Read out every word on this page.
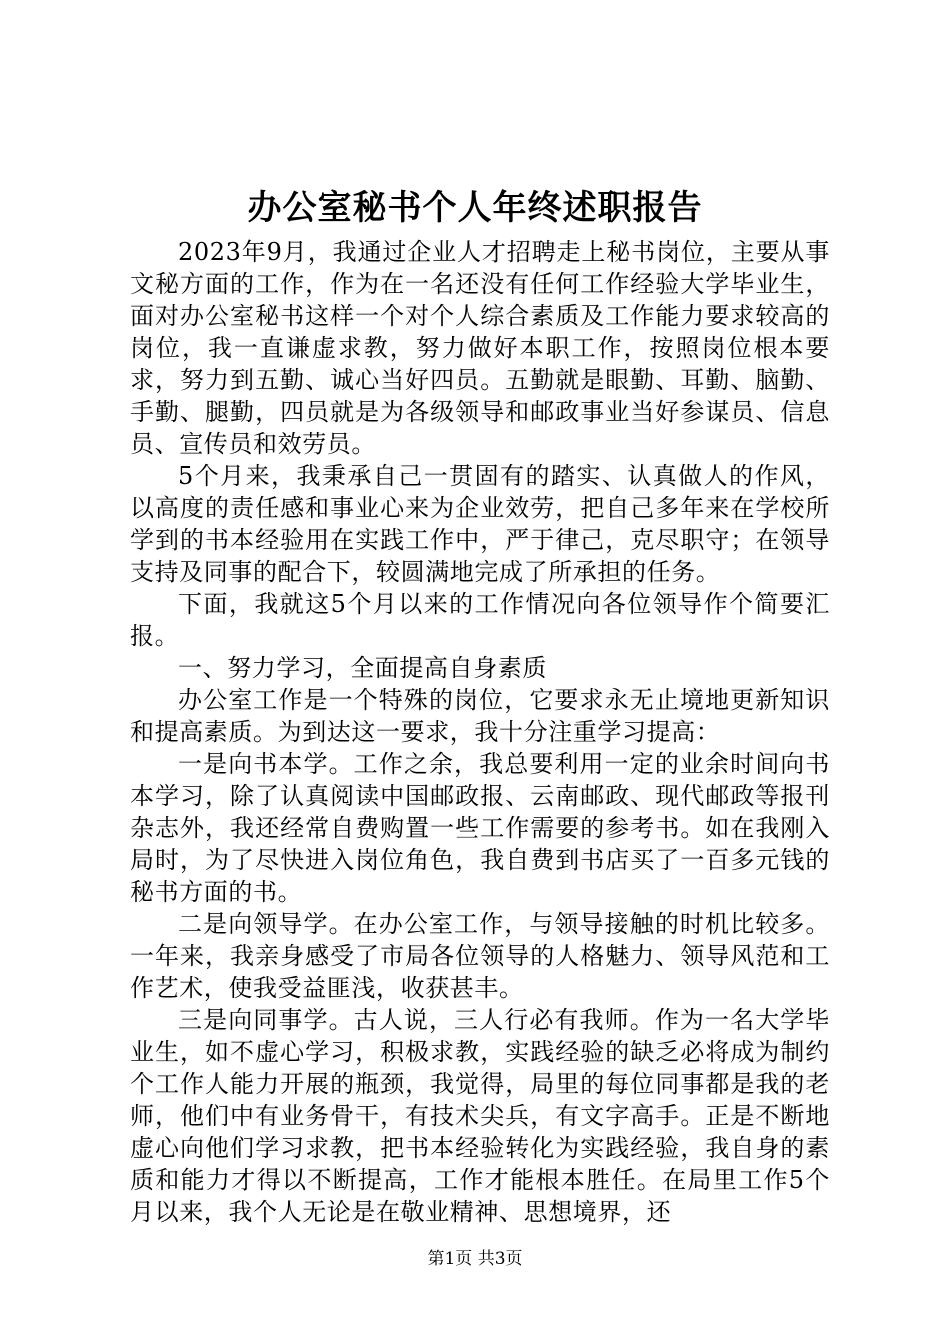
办公室秘书个人年终述职报告

2023年9月，我通过企业人才招聘走上秘书岗位，主要从事文秘方面的工作，作为在一名还没有任何工作经验大学毕业生，面对办公室秘书这样一个对个人综合素质及工作能力要求较高的岗位，我一直谦虚求教，努力做好本职工作，按照岗位根本要求，努力到五勤、诚心当好四员。五勤就是眼勤、耳勤、脑勤、手勤、腿勤，四员就是为各级领导和邮政事业当好参谋员、信息员、宣传员和效劳员。

5个月来，我秉承自己一贯固有的踏实、认真做人的作风，以高度的责任感和事业心来为企业效劳，把自己多年来在学校所学到的书本经验用在实践工作中，严于律己，克尽职守；在领导支持及同事的配合下，较圆满地完成了所承担的任务。

下面，我就这5个月以来的工作情况向各位领导作个简要汇报。

一、努力学习，全面提高自身素质

办公室工作是一个特殊的岗位，它要求永无止境地更新知识和提高素质。为到达这一要求，我十分注重学习提高：

一是向书本学。工作之余，我总要利用一定的业余时间向书本学习，除了认真阅读中国邮政报、云南邮政、现代邮政等报刊杂志外，我还经常自费购置一些工作需要的参考书。如在我刚入局时，为了尽快进入岗位角色，我自费到书店买了一百多元钱的秘书方面的书。

二是向领导学。在办公室工作，与领导接触的时机比较多。一年来，我亲身感受了市局各位领导的人格魅力、领导风范和工作艺术，使我受益匪浅，收获甚丰。

三是向同事学。古人说，三人行必有我师。作为一名大学毕业生，如不虚心学习，积极求教，实践经验的缺乏必将成为制约个工作人能力开展的瓶颈，我觉得，局里的每位同事都是我的老师，他们中有业务骨干，有技术尖兵，有文字高手。正是不断地虚心向他们学习求教，把书本经验转化为实践经验，我自身的素质和能力才得以不断提高，工作才能根本胜任。在局里工作5个月以来，我个人无论是在敬业精神、思想境界，还

第1页 共3页
